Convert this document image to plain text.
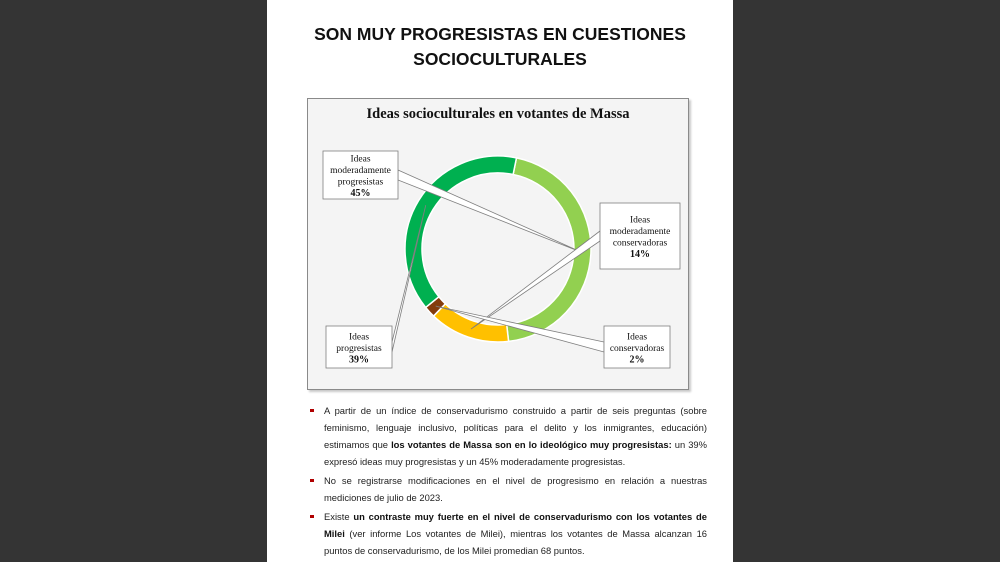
SON MUY PROGRESISTAS EN CUESTIONES
SOCIOCULTURALES
Ideas socioculturales en votantes de Massa
Ideas
moderadamente
progresistas
45%
Ideas
moderadamente
conservadoras
14%
Ideas
conservadoras
2%
Ideas
progresistas
39%
A partir de un índice de conservadurismo construido a partir de seis preguntas (sobre feminismo, lenguaje inclusivo, políticas para el delito y los inmigrantes, educación) estimamos que los votantes de Massa son en lo ideológico muy progresistas: un 39% expresó ideas muy progresistas y un 45% moderadamente progresistas.
No se registrarse modificaciones en el nivel de progresismo en relación a nuestras mediciones de julio de 2023.
Existe un contraste muy fuerte en el nivel de conservadurismo con los votantes de Milei (ver informe Los votantes de Milei), mientras los votantes de Massa alcanzan 16 puntos de conservadurismo, de los Milei promedian 68 puntos.
